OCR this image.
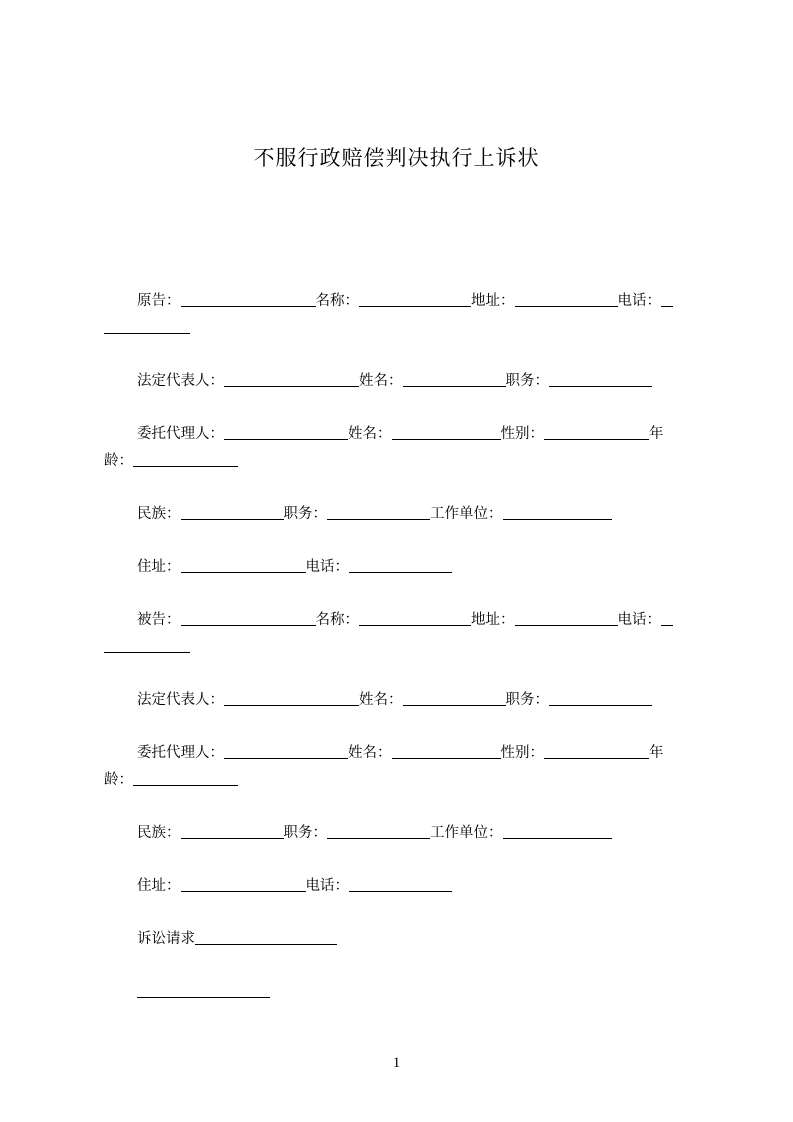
不服行政赔偿判决执行上诉状

原告：	名称：	地址：	电话：

法定代表人：	姓名：	职务：

委托代理人：	姓名：	性别：	年
龄：

民族：	职务：	工作单位：

住址：	电话：

被告：	名称：	地址：	电话：

法定代表人：	姓名：	职务：

委托代理人：	姓名：	性别：	年
龄：

民族：	职务：	工作单位：

住址：	电话：

诉讼请求

1
